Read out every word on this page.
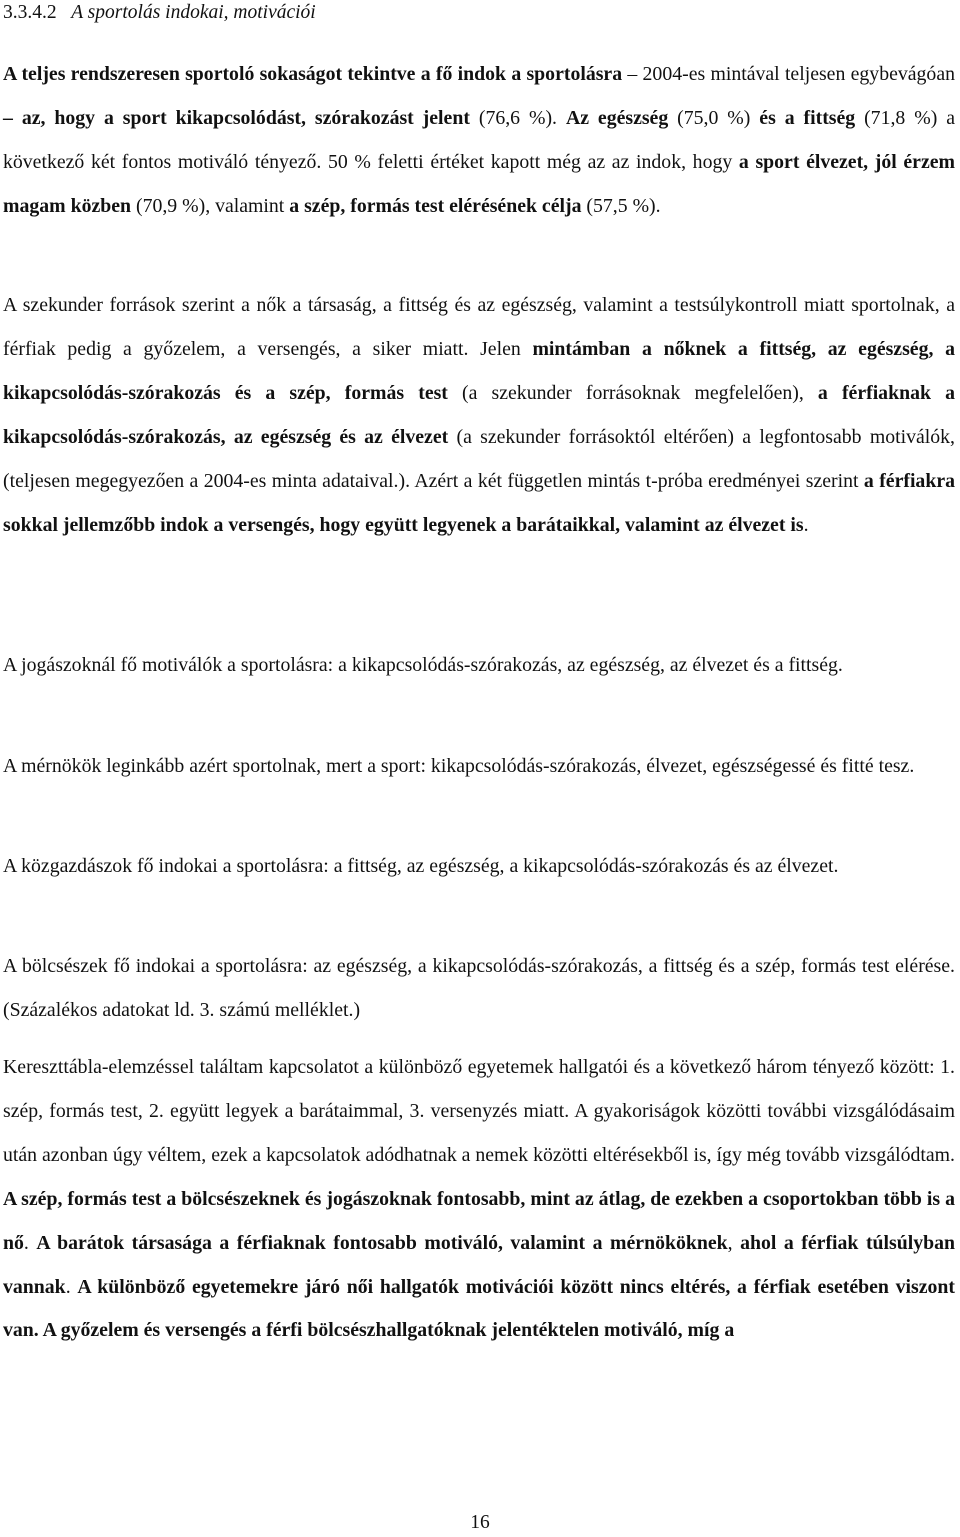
3.3.4.2 A sportolás indokai, motivációi

A teljes rendszeresen sportoló sokaságot tekintve a fő indok a sportolásra – 2004-es mintával teljesen egybevágóan – az, hogy a sport kikapcsolódást, szórakozást jelent (76,6 %). Az egészség (75,0 %) és a fittség (71,8 %) a következő két fontos motiváló tényező. 50 % feletti értéket kapott még az az indok, hogy a sport élvezet, jól érzem magam közben (70,9 %), valamint a szép, formás test elérésének célja (57,5 %).

A szekunder források szerint a nők a társaság, a fittség és az egészség, valamint a testsúlykontroll miatt sportolnak, a férfiak pedig a győzelem, a versengés, a siker miatt. Jelen mintámban a nőknek a fittség, az egészség, a kikapcsolódás-szórakozás és a szép, formás test (a szekunder forrásoknak megfelelően), a férfiaknak a kikapcsolódás-szórakozás, az egészség és az élvezet (a szekunder forrásoktól eltérően) a legfontosabb motiválók, (teljesen megegyezően a 2004-es minta adataival.). Azért a két független mintás t-próba eredményei szerint a férfiakra sokkal jellemzőbb indok a versengés, hogy együtt legyenek a barátaikkal, valamint az élvezet is.

A jogászoknál fő motiválók a sportolásra: a kikapcsolódás-szórakozás, az egészség, az élvezet és a fittség.

A mérnökök leginkább azért sportolnak, mert a sport: kikapcsolódás-szórakozás, élvezet, egészségessé és fitté tesz.

A közgazdászok fő indokai a sportolásra: a fittség, az egészség, a kikapcsolódás-szórakozás és az élvezet.

A bölcsészek fő indokai a sportolásra: az egészség, a kikapcsolódás-szórakozás, a fittség és a szép, formás test elérése. (Százalékos adatokat ld. 3. számú melléklet.)

Kereszttábla-elemzéssel találtam kapcsolatot a különböző egyetemek hallgatói és a következő három tényező között: 1. szép, formás test, 2. együtt legyek a barátaimmal, 3. versenyzés miatt. A gyakoriságok közötti további vizsgálódásaim után azonban úgy véltem, ezek a kapcsolatok adódhatnak a nemek közötti eltérésekből is, így még tovább vizsgálódtam. A szép, formás test a bölcsészeknek és jogászoknak fontosabb, mint az átlag, de ezekben a csoportokban több is a nő. A barátok társasága a férfiaknak fontosabb motiváló, valamint a mérnököknek, ahol a férfiak túlsúlyban vannak. A különböző egyetemekre járó női hallgatók motivációi között nincs eltérés, a férfiak esetében viszont van. A győzelem és versengés a férfi bölcsészhallgatóknak jelentéktelen motiváló, míg a

16
